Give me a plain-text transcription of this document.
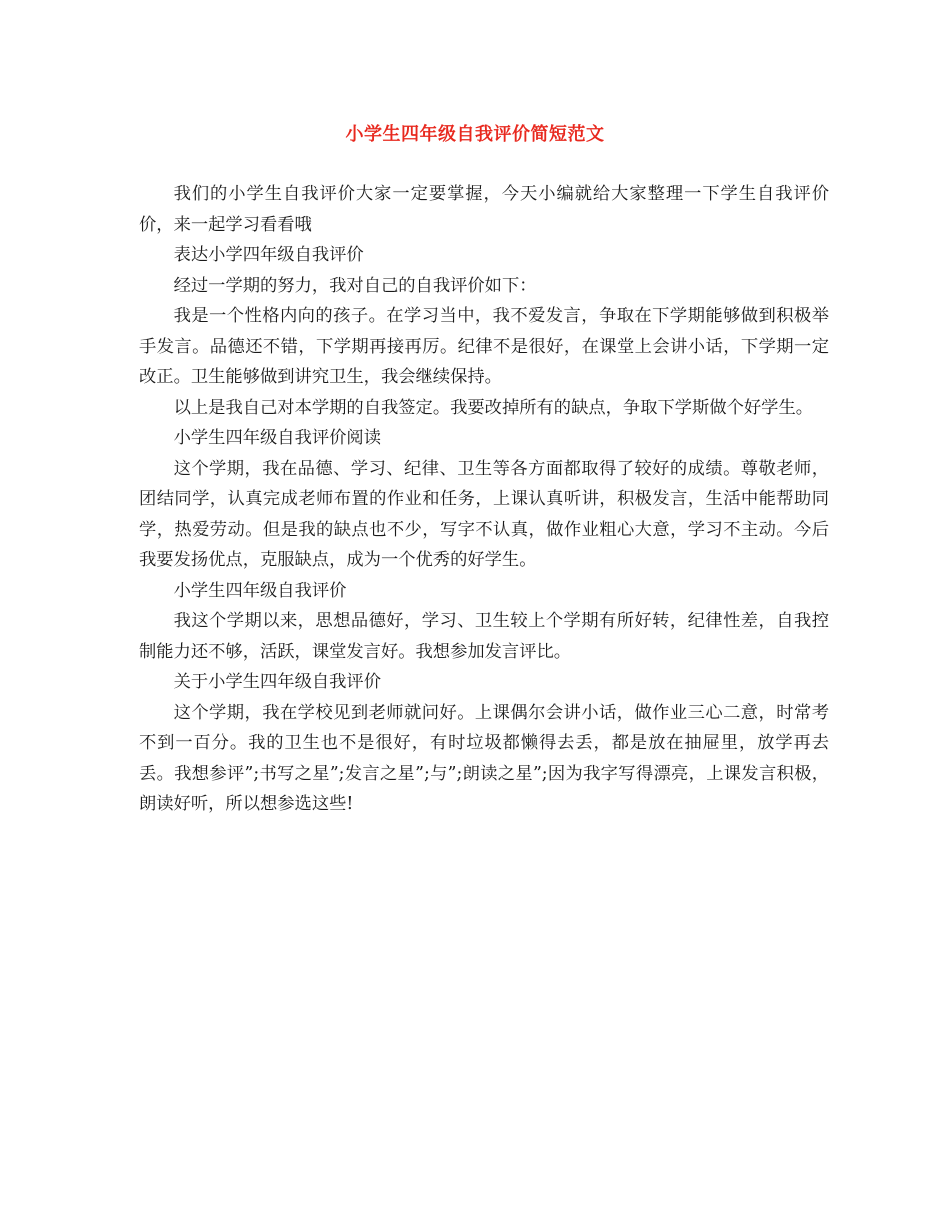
小学生四年级自我评价简短范文

我们的小学生自我评价大家一定要掌握，今天小编就给大家整理一下学生自我评价价，来一起学习看看哦

表达小学四年级自我评价

经过一学期的努力，我对自己的自我评价如下：

我是一个性格内向的孩子。在学习当中，我不爱发言，争取在下学期能够做到积极举手发言。品德还不错，下学期再接再厉。纪律不是很好，在课堂上会讲小话，下学期一定改正。卫生能够做到讲究卫生，我会继续保持。

以上是我自己对本学期的自我签定。我要改掉所有的缺点，争取下学斯做个好学生。

小学生四年级自我评价阅读

这个学期，我在品德、学习、纪律、卫生等各方面都取得了较好的成绩。尊敬老师，团结同学，认真完成老师布置的作业和任务，上课认真听讲，积极发言，生活中能帮助同学，热爱劳动。但是我的缺点也不少，写字不认真，做作业粗心大意，学习不主动。今后我要发扬优点，克服缺点，成为一个优秀的好学生。

小学生四年级自我评价

我这个学期以来，思想品德好，学习、卫生较上个学期有所好转，纪律性差，自我控制能力还不够，活跃，课堂发言好。我想参加发言评比。

关于小学生四年级自我评价

这个学期，我在学校见到老师就问好。上课偶尔会讲小话，做作业三心二意，时常考不到一百分。我的卫生也不是很好，有时垃圾都懒得去丢，都是放在抽屉里，放学再去丢。我想参评”;书写之星”;发言之星”;与”;朗读之星”;因为我字写得漂亮，上课发言积极，朗读好听，所以想参选这些!
